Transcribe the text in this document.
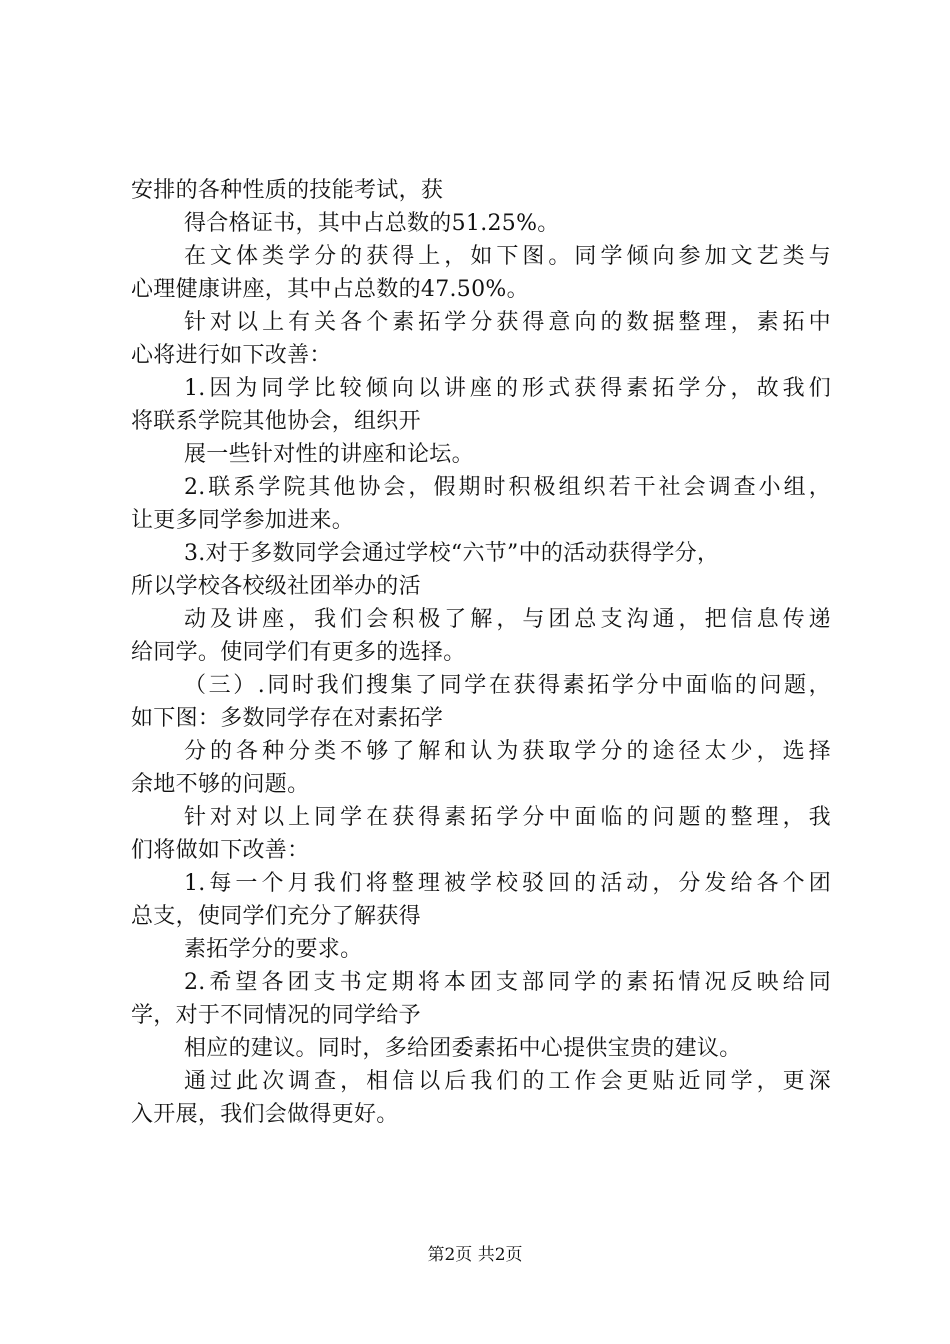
安排的各种性质的技能考试，获
得合格证书，其中占总数的51.25%。
在文体类学分的获得上，如下图。同学倾向参加文艺类与
心理健康讲座，其中占总数的47.50%。
针对以上有关各个素拓学分获得意向的数据整理，素拓中
心将进行如下改善：
1.因为同学比较倾向以讲座的形式获得素拓学分，故我们
将联系学院其他协会，组织开
展一些针对性的讲座和论坛。
2.联系学院其他协会，假期时积极组织若干社会调查小组，
让更多同学参加进来。
3.对于多数同学会通过学校“六节”中的活动获得学分，
所以学校各校级社团举办的活
动及讲座，我们会积极了解，与团总支沟通，把信息传递
给同学。使同学们有更多的选择。
（三）.同时我们搜集了同学在获得素拓学分中面临的问题，
如下图：多数同学存在对素拓学
分的各种分类不够了解和认为获取学分的途径太少，选择
余地不够的问题。
针对对以上同学在获得素拓学分中面临的问题的整理，我
们将做如下改善：
1.每一个月我们将整理被学校驳回的活动，分发给各个团
总支，使同学们充分了解获得
素拓学分的要求。
2.希望各团支书定期将本团支部同学的素拓情况反映给同
学，对于不同情况的同学给予
相应的建议。同时，多给团委素拓中心提供宝贵的建议。
通过此次调查，相信以后我们的工作会更贴近同学，更深
入开展，我们会做得更好。
第2页 共2页
